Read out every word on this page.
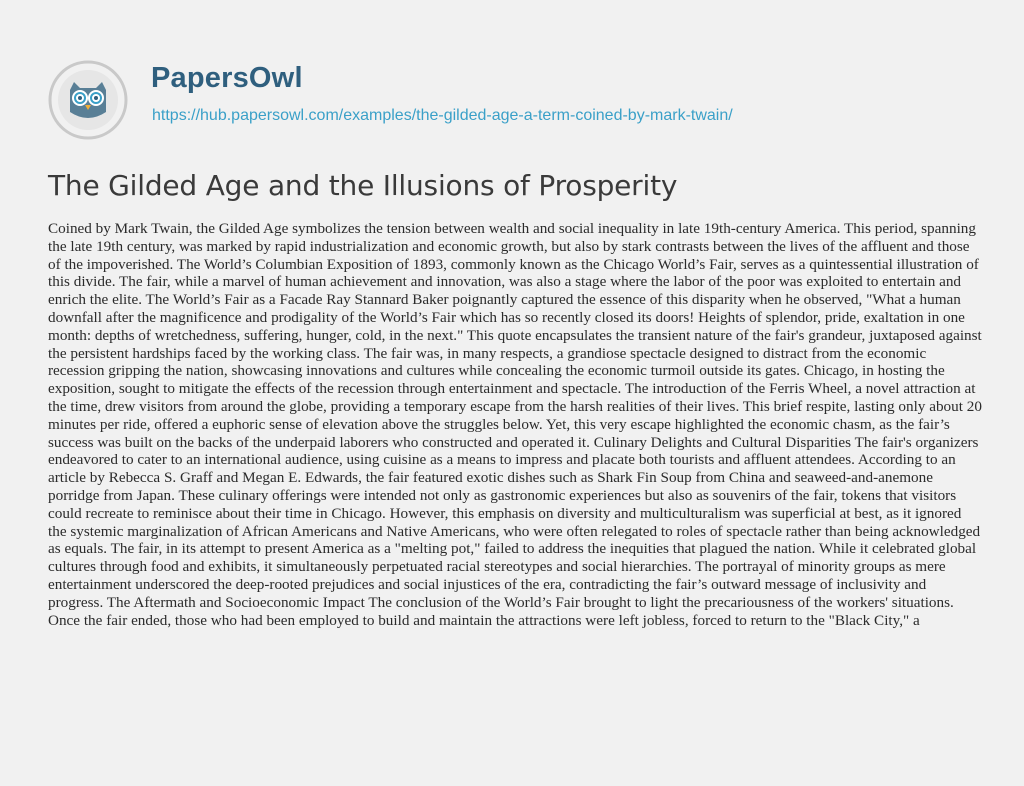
PapersOwl
https://hub.papersowl.com/examples/the-gilded-age-a-term-coined-by-mark-twain/
The Gilded Age and the Illusions of Prosperity

Coined by Mark Twain, the Gilded Age symbolizes the tension between wealth and social inequality in late 19th-century America. This period, spanning the late 19th century, was marked by rapid industrialization and economic growth, but also by stark contrasts between the lives of the affluent and those of the impoverished. The World’s Columbian Exposition of 1893, commonly known as the Chicago World’s Fair, serves as a quintessential illustration of this divide. The fair, while a marvel of human achievement and innovation, was also a stage where the labor of the poor was exploited to entertain and enrich the elite. The World’s Fair as a Facade Ray Stannard Baker poignantly captured the essence of this disparity when he observed, "What a human downfall after the magnificence and prodigality of the World’s Fair which has so recently closed its doors! Heights of splendor, pride, exaltation in one month: depths of wretchedness, suffering, hunger, cold, in the next." This quote encapsulates the transient nature of the fair's grandeur, juxtaposed against the persistent hardships faced by the working class. The fair was, in many respects, a grandiose spectacle designed to distract from the economic recession gripping the nation, showcasing innovations and cultures while concealing the economic turmoil outside its gates. Chicago, in hosting the exposition, sought to mitigate the effects of the recession through entertainment and spectacle. The introduction of the Ferris Wheel, a novel attraction at the time, drew visitors from around the globe, providing a temporary escape from the harsh realities of their lives. This brief respite, lasting only about 20 minutes per ride, offered a euphoric sense of elevation above the struggles below. Yet, this very escape highlighted the economic chasm, as the fair’s success was built on the backs of the underpaid laborers who constructed and operated it. Culinary Delights and Cultural Disparities The fair's organizers endeavored to cater to an international audience, using cuisine as a means to impress and placate both tourists and affluent attendees. According to an article by Rebecca S. Graff and Megan E. Edwards, the fair featured exotic dishes such as Shark Fin Soup from China and seaweed-and-anemone porridge from Japan. These culinary offerings were intended not only as gastronomic experiences but also as souvenirs of the fair, tokens that visitors could recreate to reminisce about their time in Chicago. However, this emphasis on diversity and multiculturalism was superficial at best, as it ignored the systemic marginalization of African Americans and Native Americans, who were often relegated to roles of spectacle rather than being acknowledged as equals. The fair, in its attempt to present America as a "melting pot," failed to address the inequities that plagued the nation. While it celebrated global cultures through food and exhibits, it simultaneously perpetuated racial stereotypes and social hierarchies. The portrayal of minority groups as mere entertainment underscored the deep-rooted prejudices and social injustices of the era, contradicting the fair’s outward message of inclusivity and progress. The Aftermath and Socioeconomic Impact The conclusion of the World’s Fair brought to light the precariousness of the workers' situations. Once the fair ended, those who had been employed to build and maintain the attractions were left jobless, forced to return to the "Black City," a
